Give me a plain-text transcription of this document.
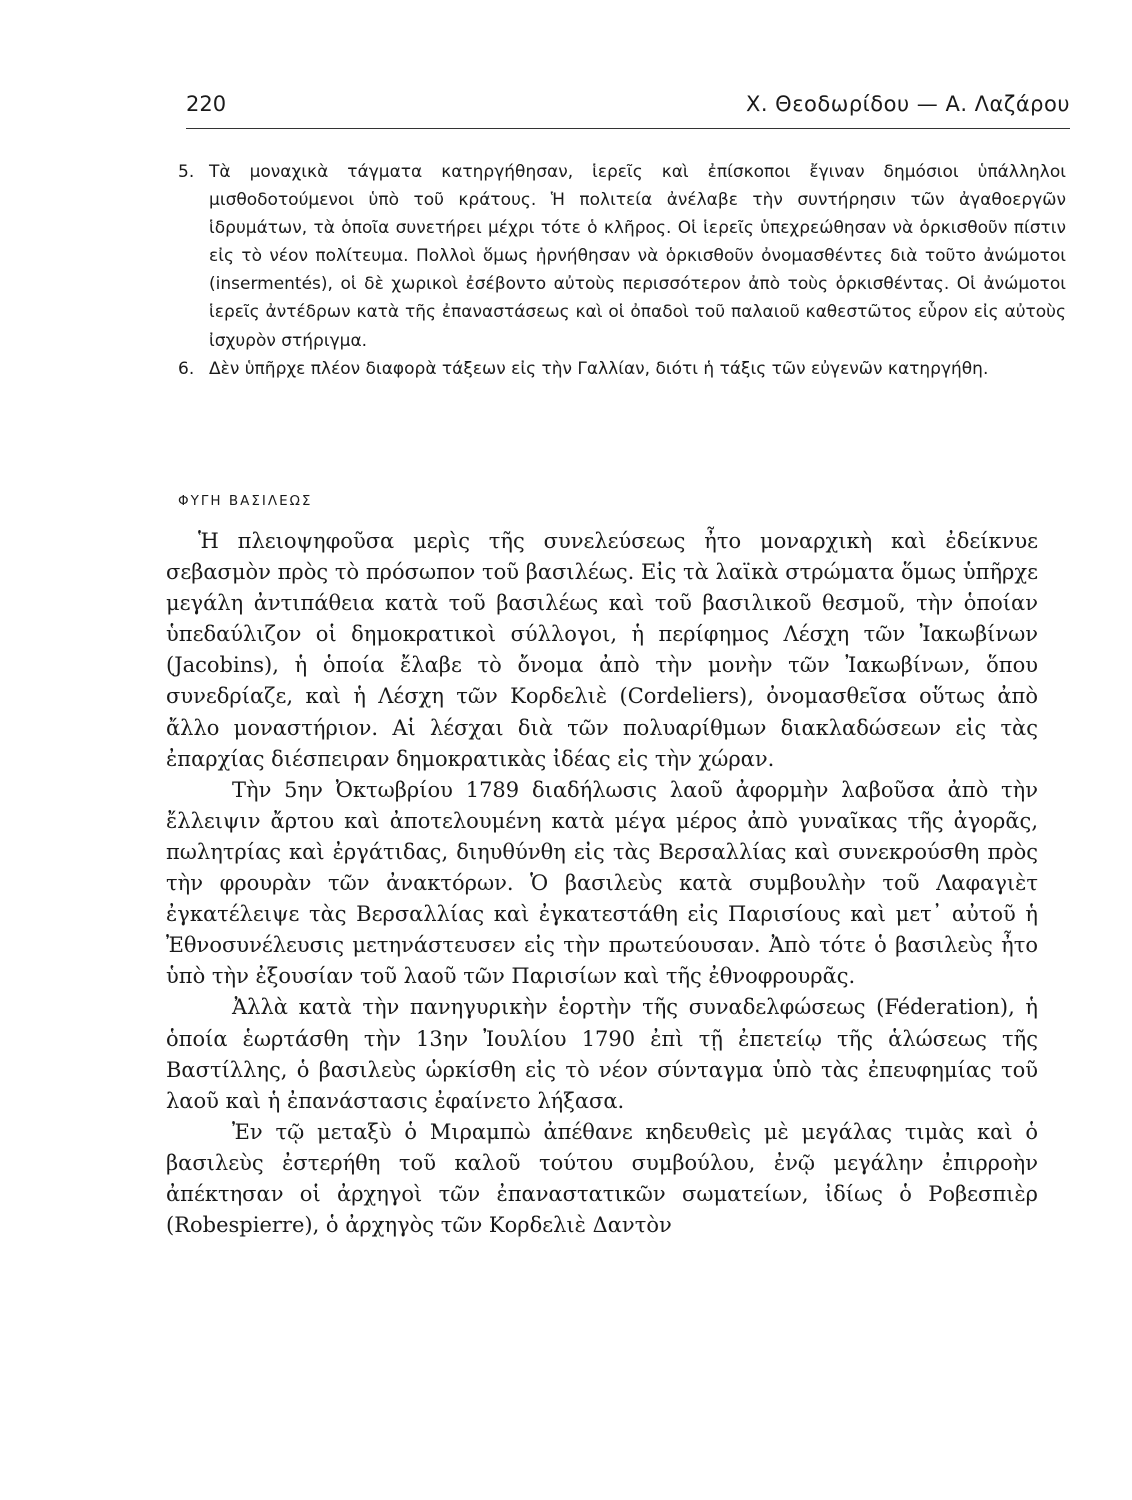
220	Χ. Θεοδωρίδου — Α. Λαζάρου
5. Τὰ μοναχικὰ τάγματα κατηργήθησαν, ἱερεῖς καὶ ἐπίσκοποι ἔγιναν δημόσιοι ὑπάλληλοι μισθοδοτούμενοι ὑπὸ τοῦ κράτους. Ἡ πολιτεία ἀνέλαβε τὴν συντήρησιν τῶν ἀγαθοεργῶν ἱδρυμάτων, τὰ ὁποῖα συνετήρει μέχρι τότε ὁ κλῆρος. Οἱ ἱερεῖς ὑπεχρεώθησαν νὰ ὁρκισθοῦν πίστιν εἰς τὸ νέον πολίτευμα. Πολλοὶ ὅμως ἠρνήθησαν νὰ ὁρκισθοῦν ὀνομασθέντες διὰ τοῦτο ἀνώμοτοι (insermentés), οἱ δὲ χωρικοὶ ἐσέβοντο αὐτοὺς περισσότερον ἀπὸ τοὺς ὁρκισθέντας. Οἱ ἀνώμοτοι ἱερεῖς ἀντέδρων κατὰ τῆς ἐπαναστάσεως καὶ οἱ ὀπαδοὶ τοῦ παλαιοῦ καθεστῶτος εὗρον εἰς αὐτοὺς ἰσχυρὸν στήριγμα.
6. Δὲν ὑπῆρχε πλέον διαφορὰ τάξεων εἰς τὴν Γαλλίαν, διότι ἡ τάξις τῶν εὐγενῶν κατηργήθη.
ΦΥΓΗ ΒΑΣΙΛΕΩΣ

Ἡ πλειοψηφοῦσα μερὶς τῆς συνελεύσεως ἦτο μοναρχικὴ καὶ ἐδείκνυε σεβασμὸν πρὸς τὸ πρόσωπον τοῦ βασιλέως. Εἰς τὰ λαϊκὰ στρώματα ὅμως ὑπῆρχε μεγάλη ἀντιπάθεια κατὰ τοῦ βασιλέως καὶ τοῦ βασιλικοῦ θεσμοῦ, τὴν ὁποίαν ὑπεδαύλιζον οἱ δημοκρατικοὶ σύλλογοι, ἡ περίφημος Λέσχη τῶν Ἰακωβίνων (Jacobins), ἡ ὁποία ἔλαβε τὸ ὄνομα ἀπὸ τὴν μονὴν τῶν Ἰακωβίνων, ὅπου συνεδρίαζε, καὶ ἡ Λέσχη τῶν Κορδελιὲ (Cordeliers), ὀνομασθεῖσα οὕτως ἀπὸ ἄλλο μοναστήριον. Αἱ λέσχαι διὰ τῶν πολυαρίθμων διακλαδώσεων εἰς τὰς ἐπαρχίας διέσπειραν δημοκρατικὰς ἰδέας εἰς τὴν χώραν.

Τὴν 5ην Ὀκτωβρίου 1789 διαδήλωσις λαοῦ ἀφορμὴν λαβοῦσα ἀπὸ τὴν ἔλλειψιν ἄρτου καὶ ἀποτελουμένη κατὰ μέγα μέρος ἀπὸ γυναῖκας τῆς ἀγορᾶς, πωλητρίας καὶ ἐργάτιδας, διηυθύνθη εἰς τὰς Βερσαλλίας καὶ συνεκρούσθη πρὸς τὴν φρουρὰν τῶν ἀνακτόρων. Ὁ βασιλεὺς κατὰ συμβουλὴν τοῦ Λαφαγιὲτ ἐγκατέλειψε τὰς Βερσαλλίας καὶ ἐγκατεστάθη εἰς Παρισίους καὶ μετ᾽ αὐτοῦ ἡ Ἐθνοσυνέλευσις μετηνάστευσεν εἰς τὴν πρωτεύουσαν. Ἀπὸ τότε ὁ βασιλεὺς ἦτο ὑπὸ τὴν ἐξουσίαν τοῦ λαοῦ τῶν Παρισίων καὶ τῆς ἐθνοφρουρᾶς.

Ἀλλὰ κατὰ τὴν πανηγυρικὴν ἑορτὴν τῆς συναδελφώσεως (Féderation), ἡ ὁποία ἑωρτάσθη τὴν 13ην Ἰουλίου 1790 ἐπὶ τῇ ἐπετείῳ τῆς ἁλώσεως τῆς Βαστίλλης, ὁ βασιλεὺς ὡρκίσθη εἰς τὸ νέον σύνταγμα ὑπὸ τὰς ἐπευφημίας τοῦ λαοῦ καὶ ἡ ἐπανάστασις ἐφαίνετο λήξασα.

Ἐν τῷ μεταξὺ ὁ Μιραμπὼ ἀπέθανε κηδευθεὶς μὲ μεγάλας τιμὰς καὶ ὁ βασιλεὺς ἐστερήθη τοῦ καλοῦ τούτου συμβούλου, ἐνῷ μεγάλην ἐπιρροὴν ἀπέκτησαν οἱ ἀρχηγοὶ τῶν ἐπαναστατικῶν σωματείων, ἰδίως ὁ Ροβεσπιὲρ (Robespierre), ὁ ἀρχηγὸς τῶν Κορδελιὲ Δαντὸν
